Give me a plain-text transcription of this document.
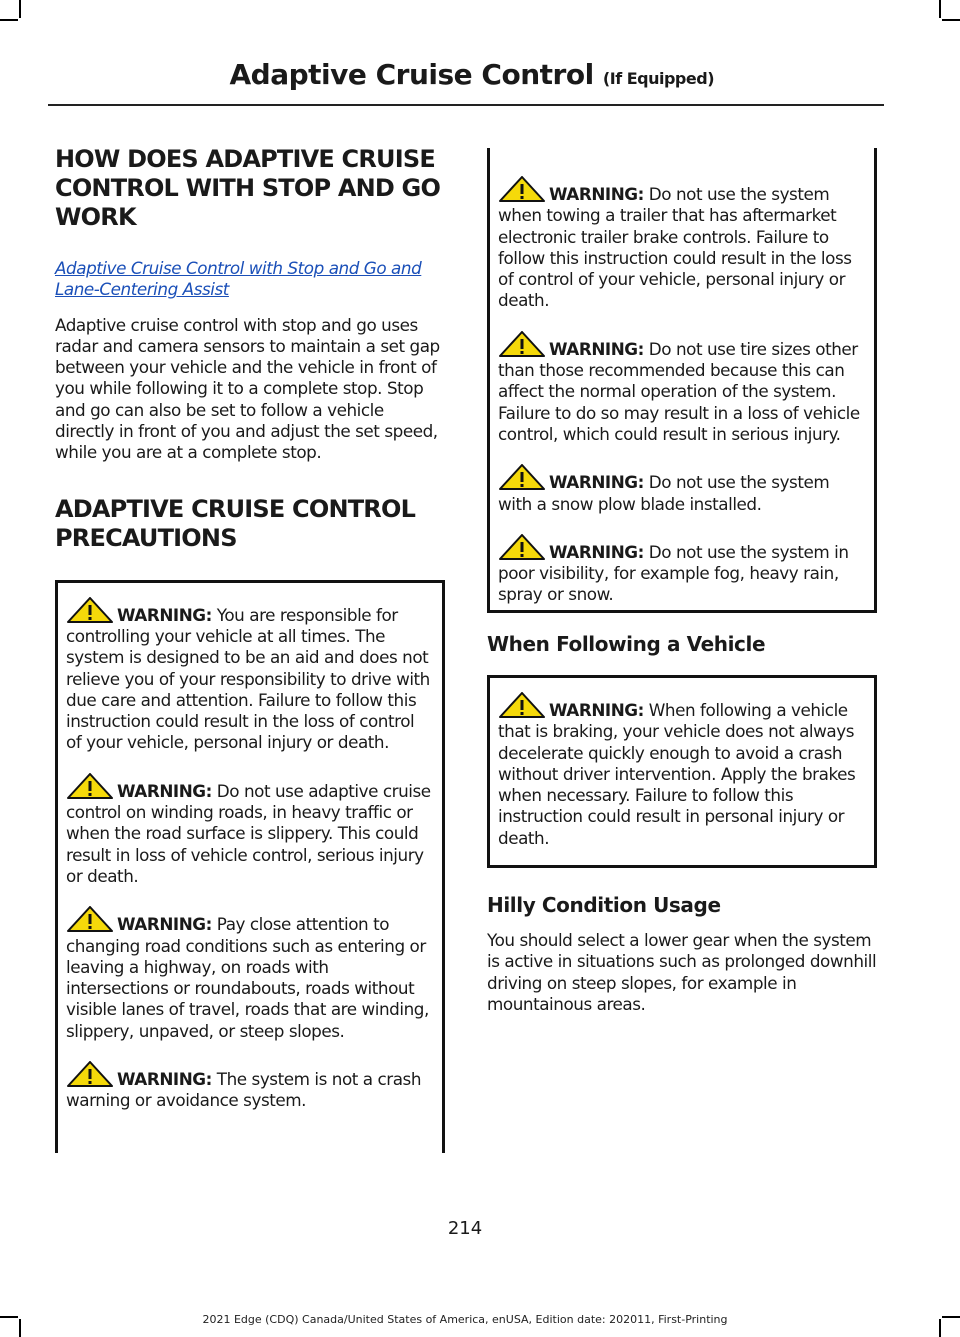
Adaptive Cruise Control (If Equipped)
HOW DOES ADAPTIVE CRUISE CONTROL WITH STOP AND GO WORK

Adaptive Cruise Control with Stop and Go and Lane-Centering Assist

Adaptive cruise control with stop and go uses radar and camera sensors to maintain a set gap between your vehicle and the vehicle in front of you while following it to a complete stop. Stop and go can also be set to follow a vehicle directly in front of you and adjust the set speed, while you are at a complete stop.

ADAPTIVE CRUISE CONTROL PRECAUTIONS
WARNING: You are responsible for controlling your vehicle at all times. The system is designed to be an aid and does not relieve you of your responsibility to drive with due care and attention. Failure to follow this instruction could result in the loss of control of your vehicle, personal injury or death.
WARNING: Do not use adaptive cruise control on winding roads, in heavy traffic or when the road surface is slippery. This could result in loss of vehicle control, serious injury or death.
WARNING: Pay close attention to changing road conditions such as entering or leaving a highway, on roads with intersections or roundabouts, roads without visible lanes of travel, roads that are winding, slippery, unpaved, or steep slopes.
WARNING: The system is not a crash warning or avoidance system.
WARNING: Do not use the system when towing a trailer that has aftermarket electronic trailer brake controls. Failure to follow this instruction could result in the loss of control of your vehicle, personal injury or death.
WARNING: Do not use tire sizes other than those recommended because this can affect the normal operation of the system. Failure to do so may result in a loss of vehicle control, which could result in serious injury.
WARNING: Do not use the system with a snow plow blade installed.
WARNING: Do not use the system in poor visibility, for example fog, heavy rain, spray or snow.
When Following a Vehicle
WARNING: When following a vehicle that is braking, your vehicle does not always decelerate quickly enough to avoid a crash without driver intervention. Apply the brakes when necessary. Failure to follow this instruction could result in personal injury or death.
Hilly Condition Usage

You should select a lower gear when the system is active in situations such as prolonged downhill driving on steep slopes, for example in mountainous areas.

214
2021 Edge (CDQ) Canada/United States of America, enUSA, Edition date: 202011, First-Printing
